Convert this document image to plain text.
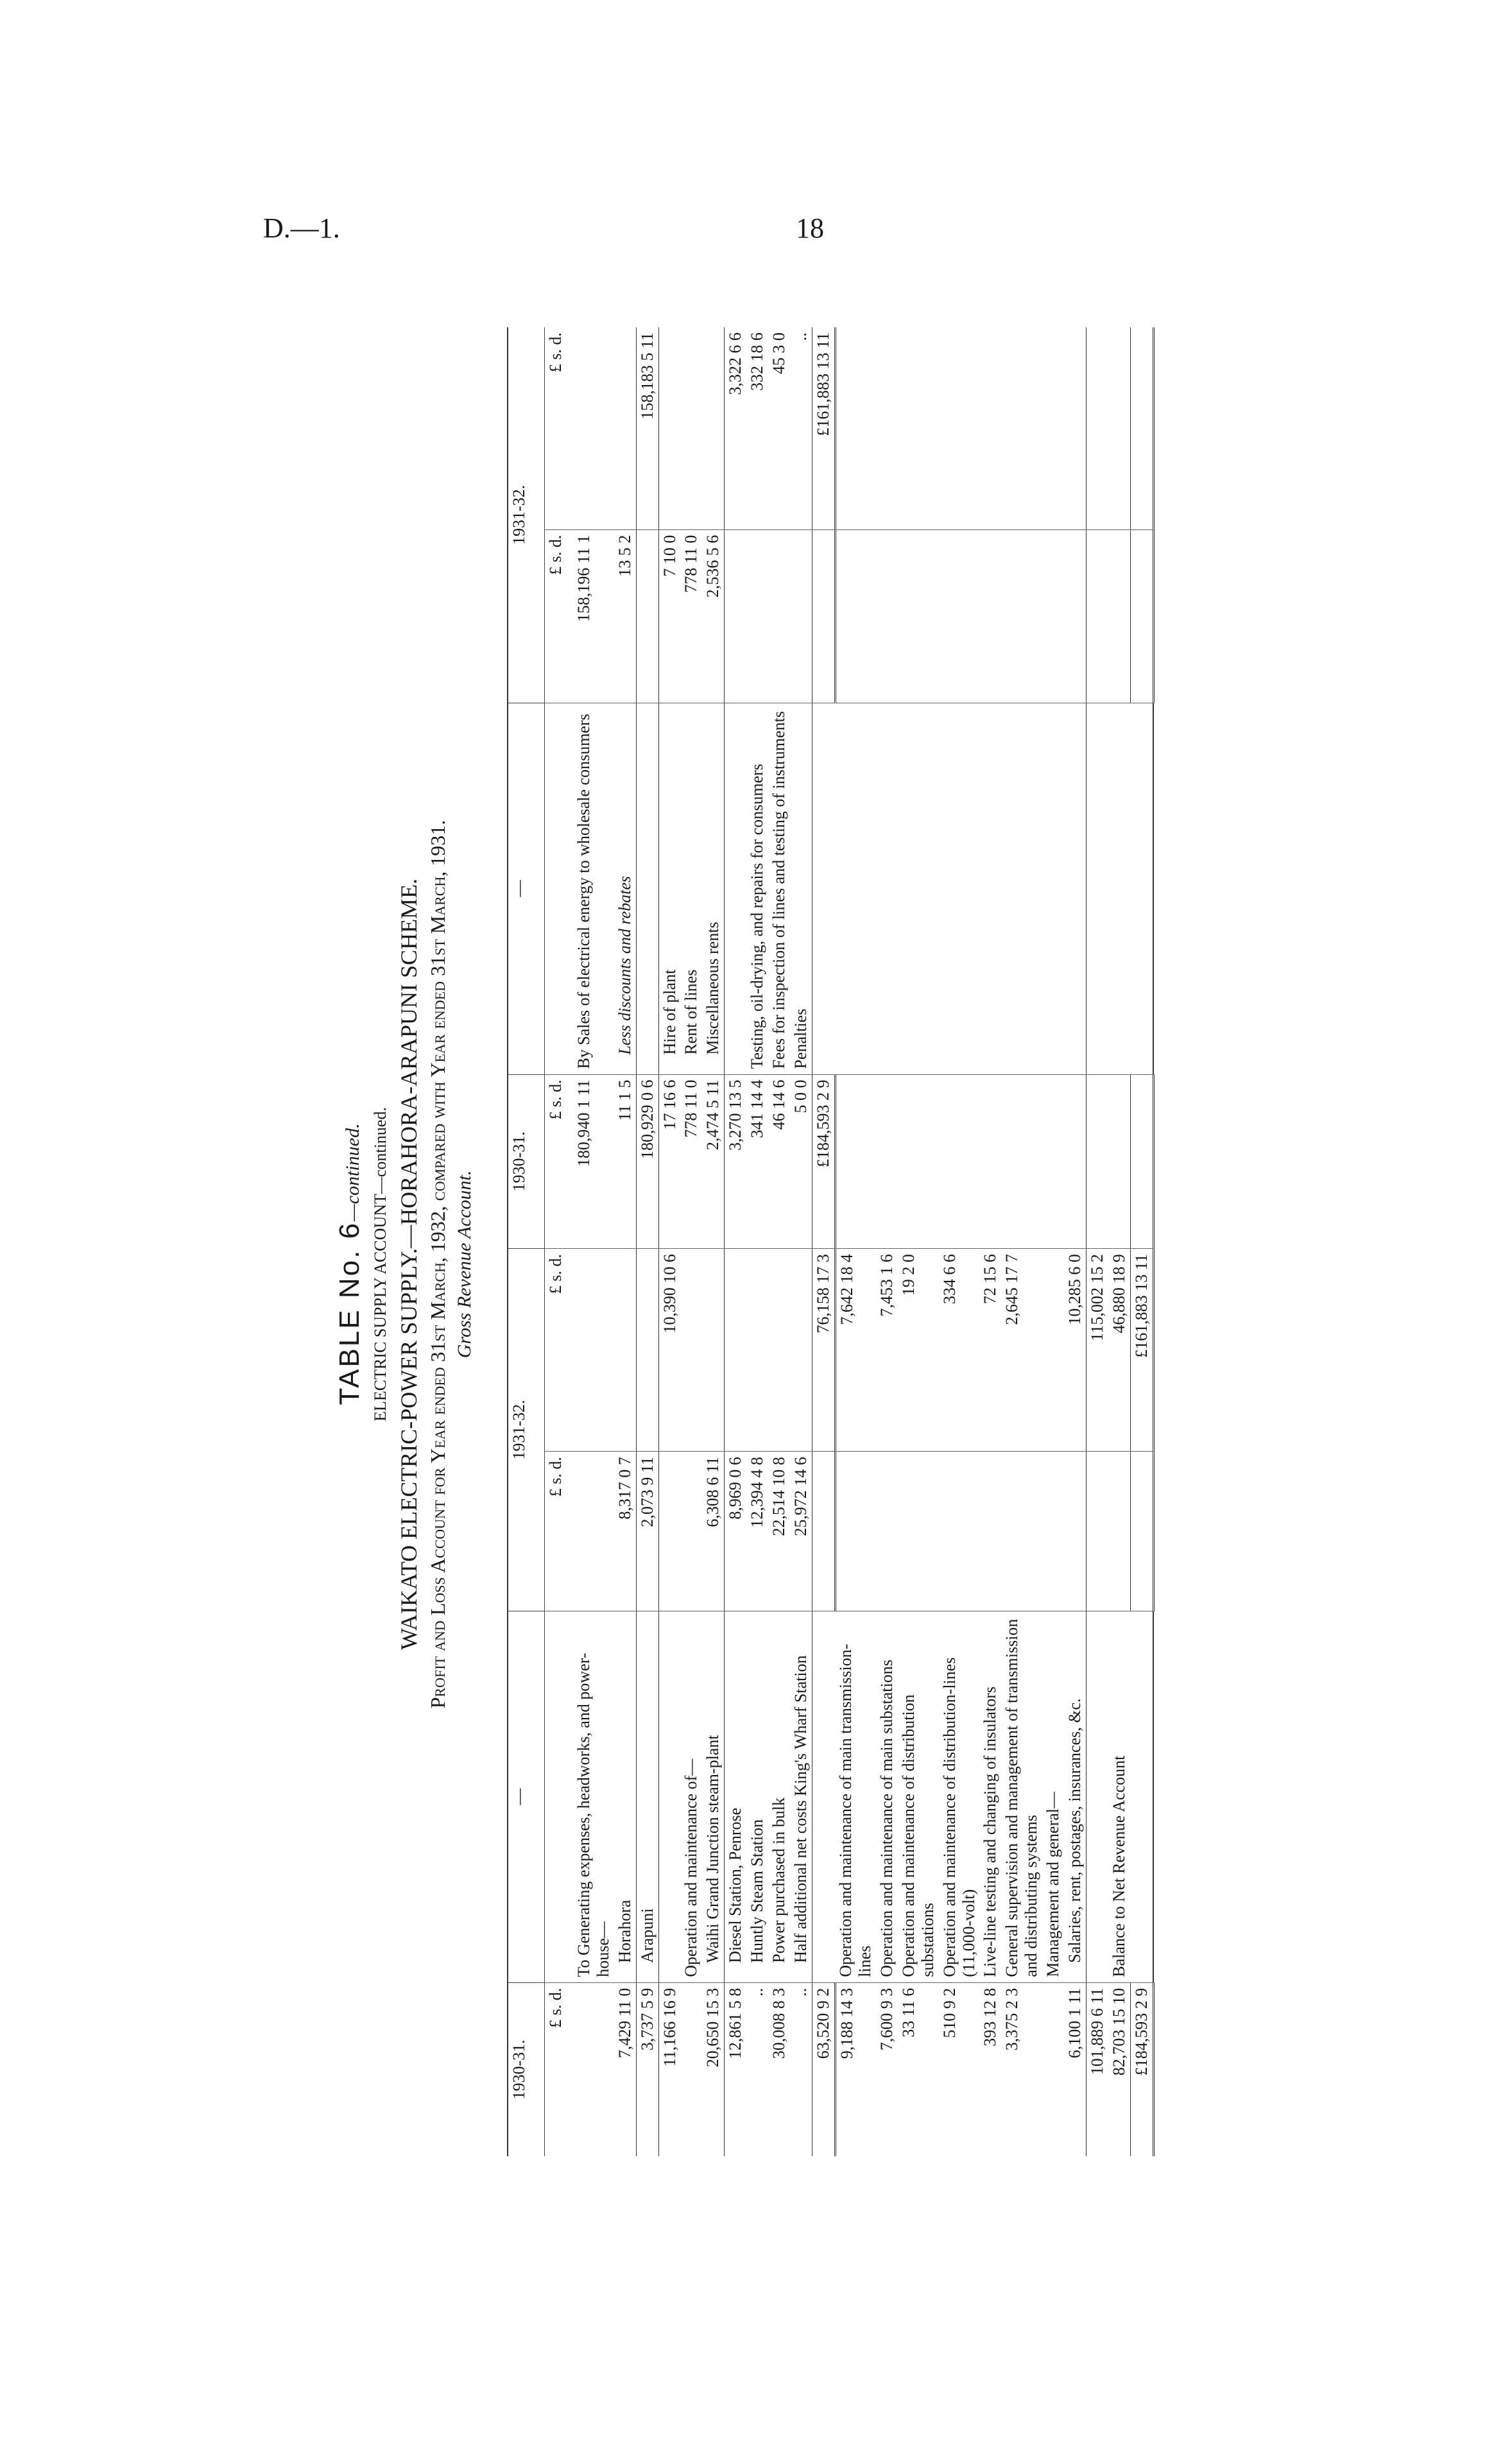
D.—1.	18
TABLE No. 6—continued. ELECTRIC SUPPLY ACCOUNT—continued. WAIKATO ELECTRIC-POWER SUPPLY.—HORAHORA-ARAPUNI SCHEME. Profit and Loss Account for Year ended 31st March, 1932, compared with Year ended 31st March, 1931. Gross Revenue Account.
1930-31.	—	1931-32.		1930-31.	—	1931-32.	
£ s. d.		£ s. d.	£ s. d.	£ s. d.		£ s. d.	£ s. d.
	To Generating expenses, headworks, and power-house—			180,940 1 11	By Sales of electrical energy to wholesale consumers	158,196 11 1	
7,429 11 0	Horahora	8,317 0 7		11 1 5	Less discounts and rebates	13 5 2	
3,737 5 9	Arapuni	2,073 9 11		180,929 0 6			158,183 5 11
11,166 16 9			10,390 10 6	17 16 6	Hire of plant	7 10 0	
	Operation and maintenance of—			778 11 0	Rent of lines	778 11 0	
20,650 15 3	Waihi Grand Junction steam-plant	6,308 6 11		2,474 5 11	Miscellaneous rents	2,536 5 6	
12,861 5 8	Diesel Station, Penrose	8,969 0 6		3,270 13 5			3,322 6 6
..	Huntly Steam Station	12,394 4 8		341 14 4	Testing, oil-drying, and repairs for consumers		332 18 6
30,008 8 3	Power purchased in bulk	22,514 10 8		46 14 6	Fees for inspection of lines and testing of instruments		45 3 0
..	Half additional net costs King's Wharf Station	25,972 14 6		5 0 0	Penalties		..
63,520 9 2			76,158 17 3	£184,593 2 9			£161,883 13 11
9,188 14 3	Operation and maintenance of main transmission-lines		7,642 18 4				
7,600 9 3	Operation and maintenance of main substations		7,453 1 6				
33 11 6	Operation and maintenance of distribution substations		19 2 0				
510 9 2	Operation and maintenance of distribution-lines (11,000-volt)		334 6 6				
393 12 8	Live-line testing and changing of insulators		72 15 6				
3,375 2 3	General supervision and management of transmission and distributing systems		2,645 17 7				
	Management and general—						
6,100 1 11	Salaries, rent, postages, insurances, &c.		10,285 6 0				
101,889 6 11			115,002 15 2				
82,703 15 10	Balance to Net Revenue Account		46,880 18 9				
£184,593 2 9			£161,883 13 11				
